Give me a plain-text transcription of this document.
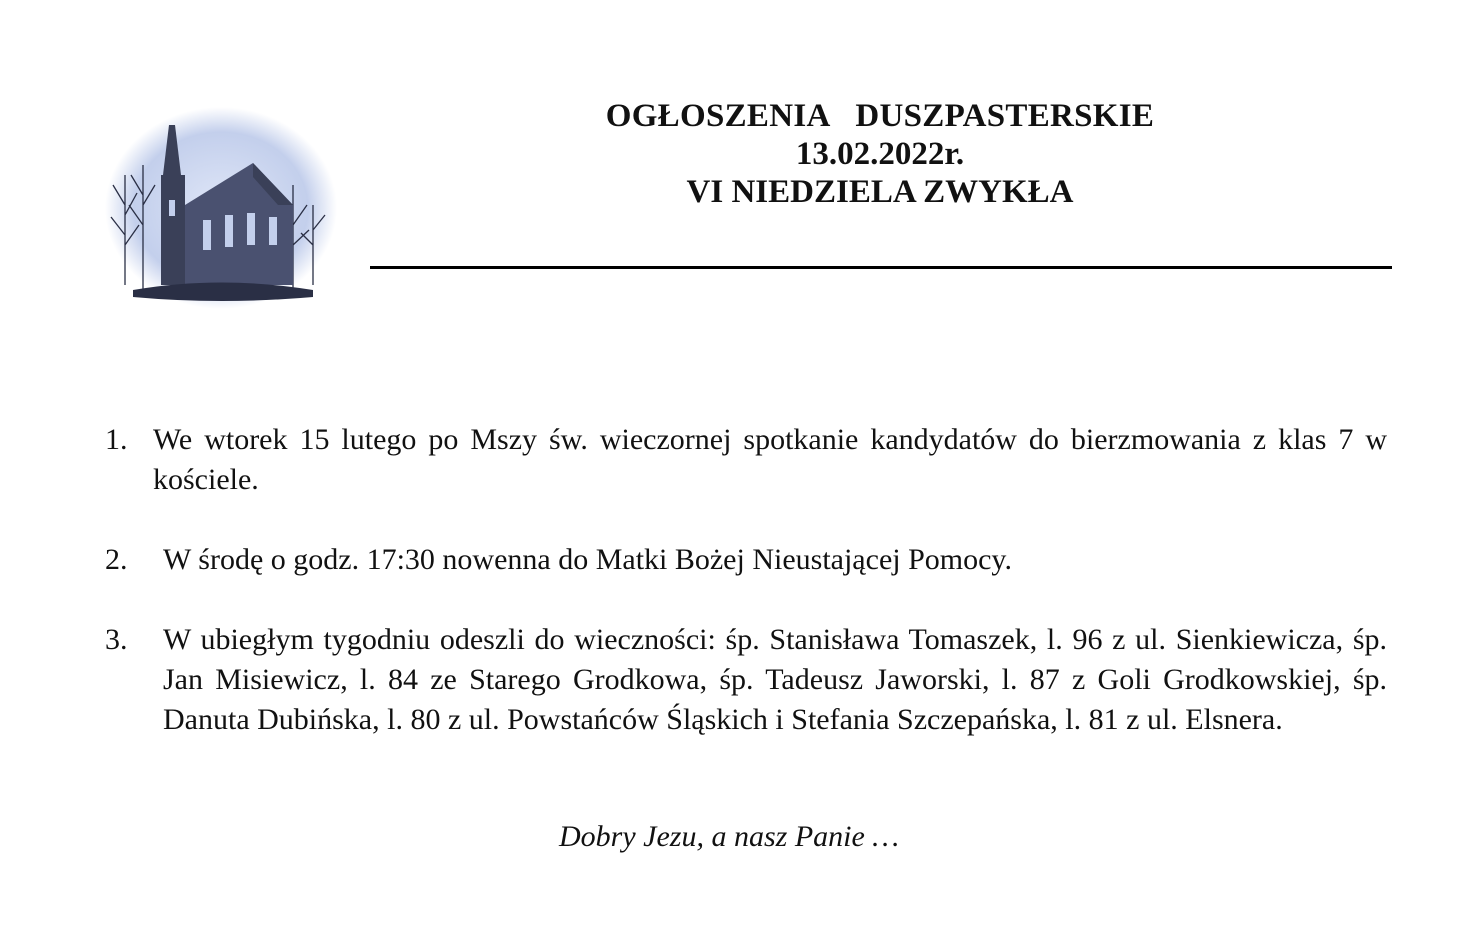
OGŁOSZENIA DUSZPASTERSKIE
13.02.2022r.
VI NIEDZIELA ZWYKŁA
1. We wtorek 15 lutego po Mszy św. wieczornej spotkanie kandydatów do bierzmowania z klas 7 w kościele.
2. W środę o godz. 17:30 nowenna do Matki Bożej Nieustającej Pomocy.
3. W ubiegłym tygodniu odeszli do wieczności: śp. Stanisława Tomaszek, l. 96 z ul. Sienkiewicza, śp. Jan Misiewicz, l. 84 ze Starego Grodkowa, śp. Tadeusz Jaworski, l. 87 z Goli Grodkowskiej, śp. Danuta Dubińska, l. 80 z ul. Powstańców Śląskich i Stefania Szczepańska, l. 81 z ul. Elsnera.
Dobry Jezu, a nasz Panie …
